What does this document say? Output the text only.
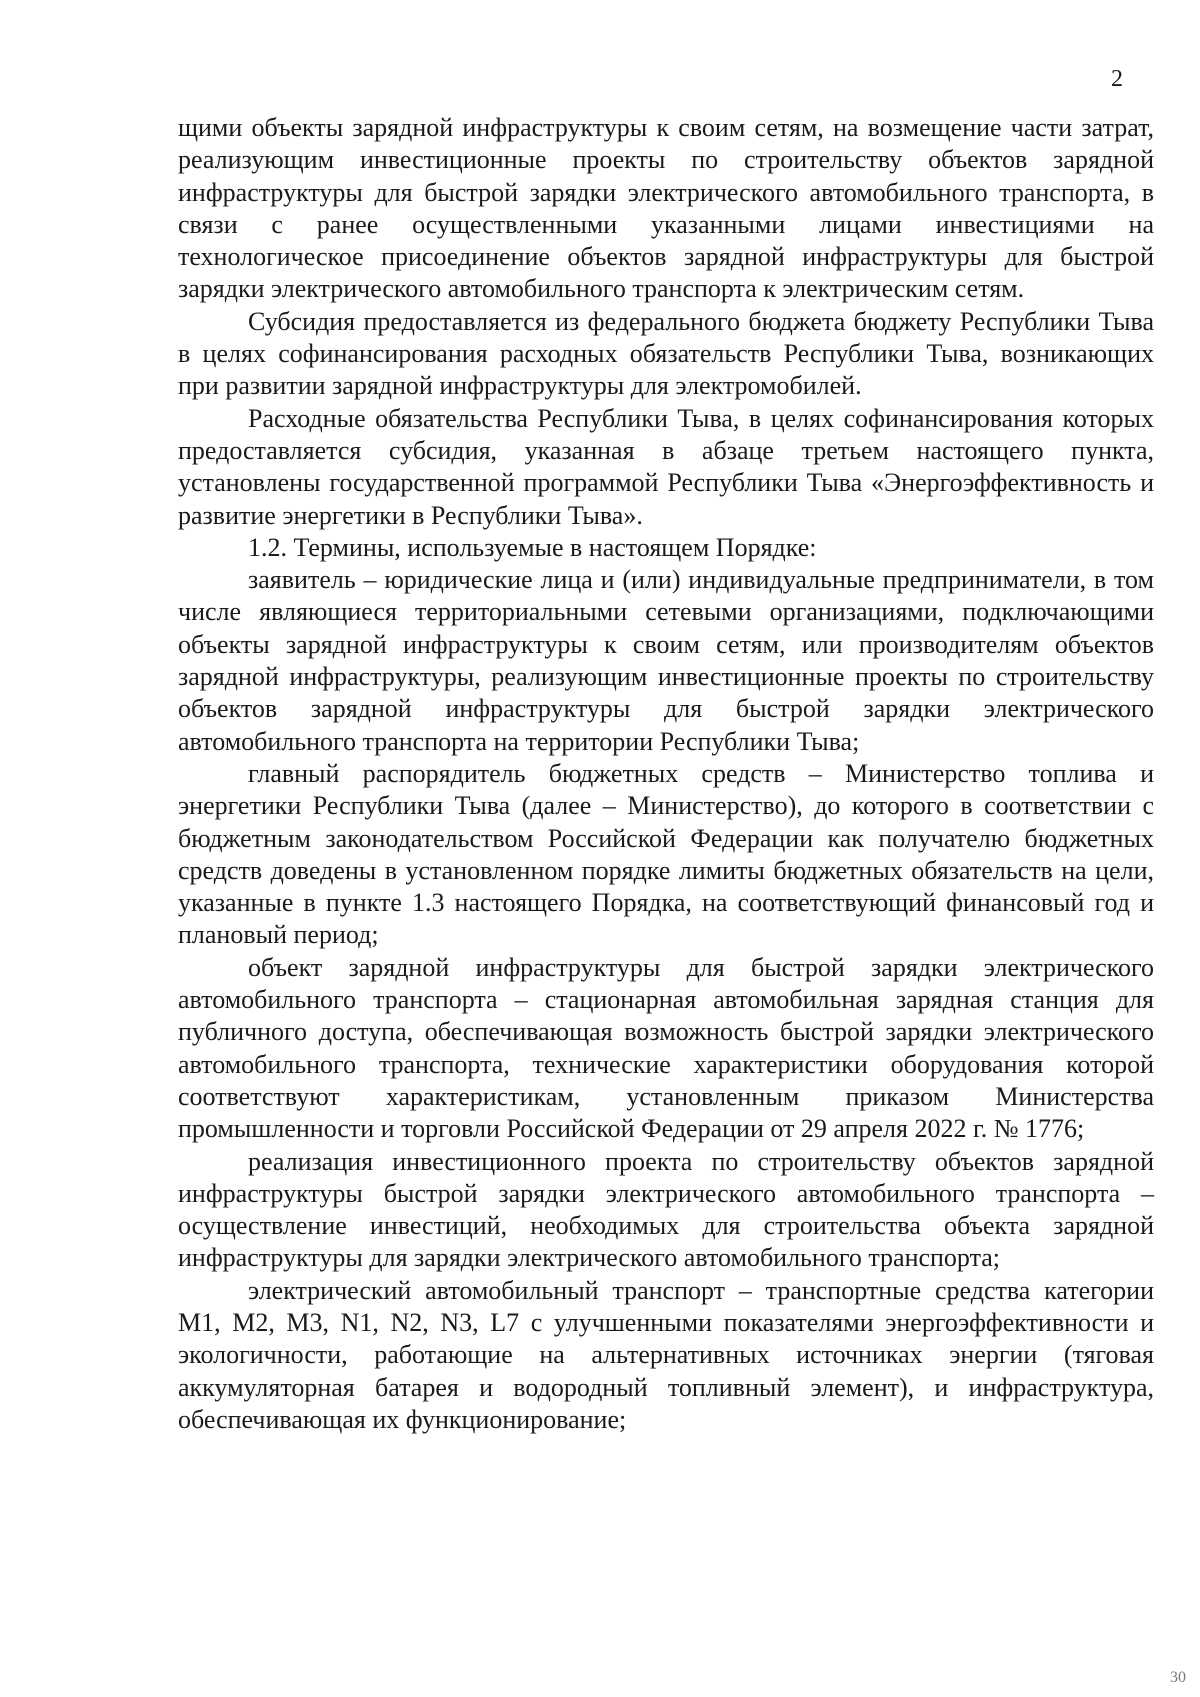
2

щими объекты зарядной инфраструктуры к своим сетям, на возмещение части затрат, реализующим инвестиционные проекты по строительству объектов зарядной инфраструктуры для быстрой зарядки электрического автомобильного транспорта, в связи с ранее осуществленными указанными лицами инвестициями на технологическое присоединение объектов зарядной инфраструктуры для быстрой зарядки электрического автомобильного транспорта к электрическим сетям.

Субсидия предоставляется из федерального бюджета бюджету Республики Тыва в целях софинансирования расходных обязательств Республики Тыва, возникающих при развитии зарядной инфраструктуры для электромобилей.

Расходные обязательства Республики Тыва, в целях софинансирования которых предоставляется субсидия, указанная в абзаце третьем настоящего пункта, установлены государственной программой Республики Тыва «Энергоэффективность и развитие энергетики в Республики Тыва».

1.2. Термины, используемые в настоящем Порядке:

заявитель – юридические лица и (или) индивидуальные предприниматели, в том числе являющиеся территориальными сетевыми организациями, подключающими объекты зарядной инфраструктуры к своим сетям, или производителям объектов зарядной инфраструктуры, реализующим инвестиционные проекты по строительству объектов зарядной инфраструктуры для быстрой зарядки электрического автомобильного транспорта на территории Республики Тыва;

главный распорядитель бюджетных средств – Министерство топлива и энергетики Республики Тыва (далее – Министерство), до которого в соответствии с бюджетным законодательством Российской Федерации как получателю бюджетных средств доведены в установленном порядке лимиты бюджетных обязательств на цели, указанные в пункте 1.3 настоящего Порядка, на соответствующий финансовый год и плановый период;

объект зарядной инфраструктуры для быстрой зарядки электрического автомобильного транспорта – стационарная автомобильная зарядная станция для публичного доступа, обеспечивающая возможность быстрой зарядки электрического автомобильного транспорта, технические характеристики оборудования которой соответствуют характеристикам, установленным приказом Министерства промышленности и торговли Российской Федерации от 29 апреля 2022 г. № 1776;

реализация инвестиционного проекта по строительству объектов зарядной инфраструктуры быстрой зарядки электрического автомобильного транспорта – осуществление инвестиций, необходимых для строительства объекта зарядной инфраструктуры для зарядки электрического автомобильного транспорта;

электрический автомобильный транспорт – транспортные средства категории M1, M2, M3, N1, N2, N3, L7 с улучшенными показателями энергоэффективности и экологичности, работающие на альтернативных источниках энергии (тяговая аккумуляторная батарея и водородный топливный элемент), и инфраструктура, обеспечивающая их функционирование;

30
